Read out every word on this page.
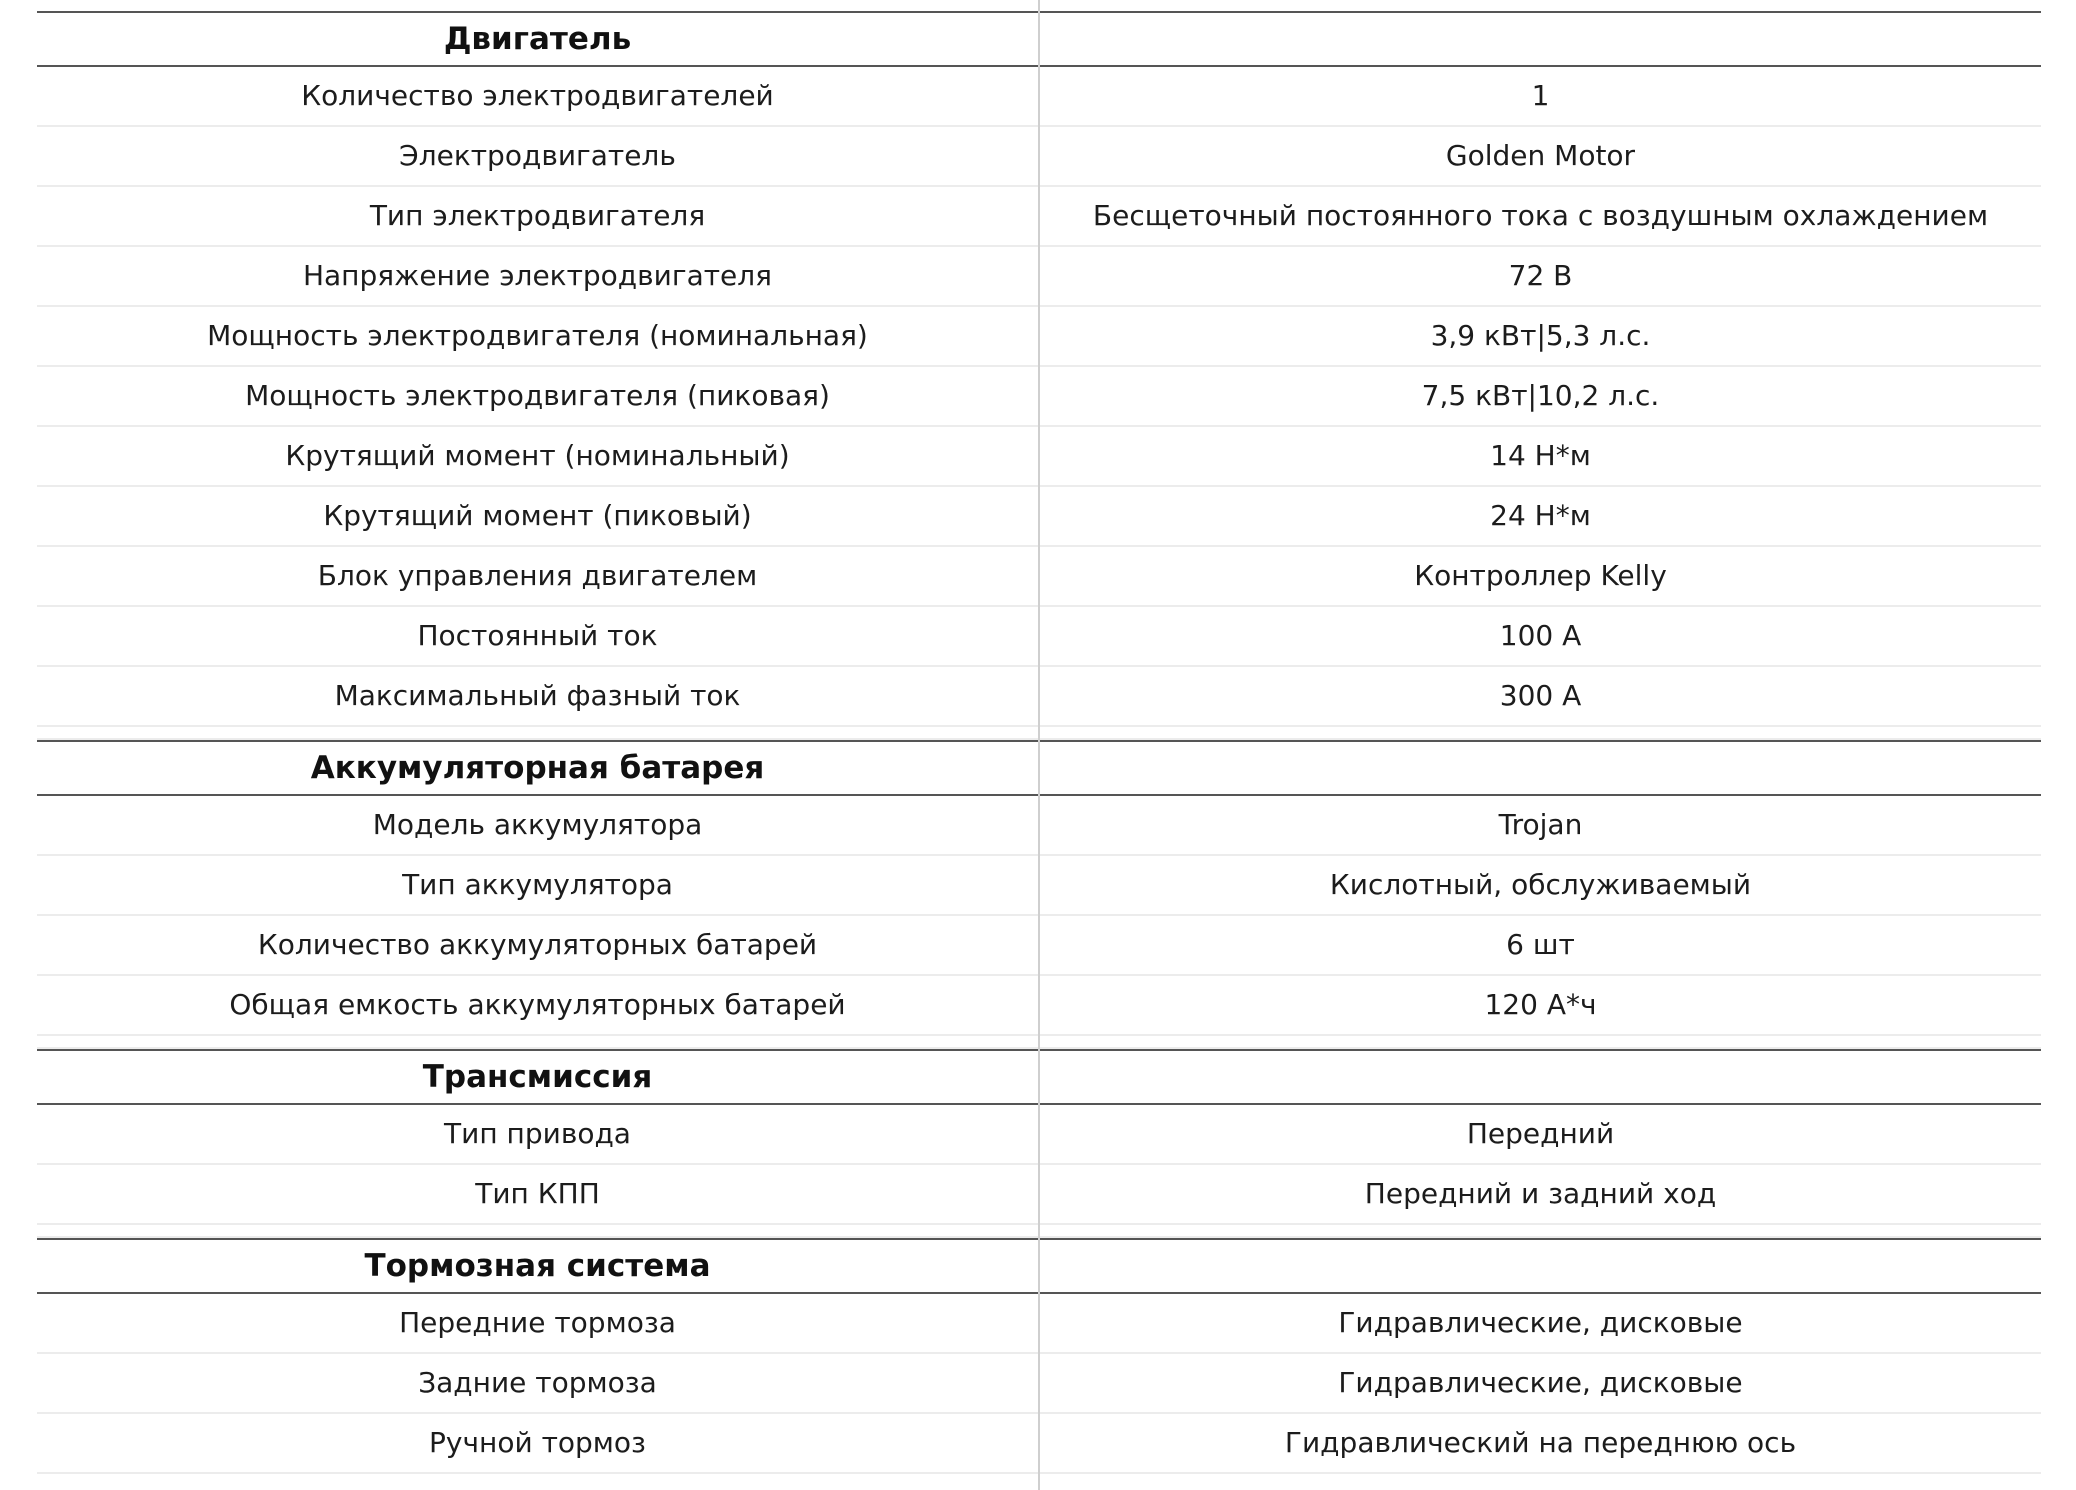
Двигатель
Количество электродвигателей	1
Электродвигатель	Golden Motor
Тип электродвигателя	Бесщеточный постоянного тока с воздушным охлаждением
Напряжение электродвигателя	72 В
Мощность электродвигателя (номинальная)	3,9 кВт|5,3 л.с.
Мощность электродвигателя (пиковая)	7,5 кВт|10,2 л.с.
Крутящий момент (номинальный)	14 Н*м
Крутящий момент (пиковый)	24 Н*м
Блок управления двигателем	Контроллер Kelly
Постоянный ток	100 А
Максимальный фазный ток	300 А
Аккумуляторная батарея
Модель аккумулятора	Trojan
Тип аккумулятора	Кислотный, обслуживаемый
Количество аккумуляторных батарей	6 шт
Общая емкость аккумуляторных батарей	120 А*ч
Трансмиссия
Тип привода	Передний
Тип КПП	Передний и задний ход
Тормозная система
Передние тормоза	Гидравлические, дисковые
Задние тормоза	Гидравлические, дисковые
Ручной тормоз	Гидравлический на переднюю ось
